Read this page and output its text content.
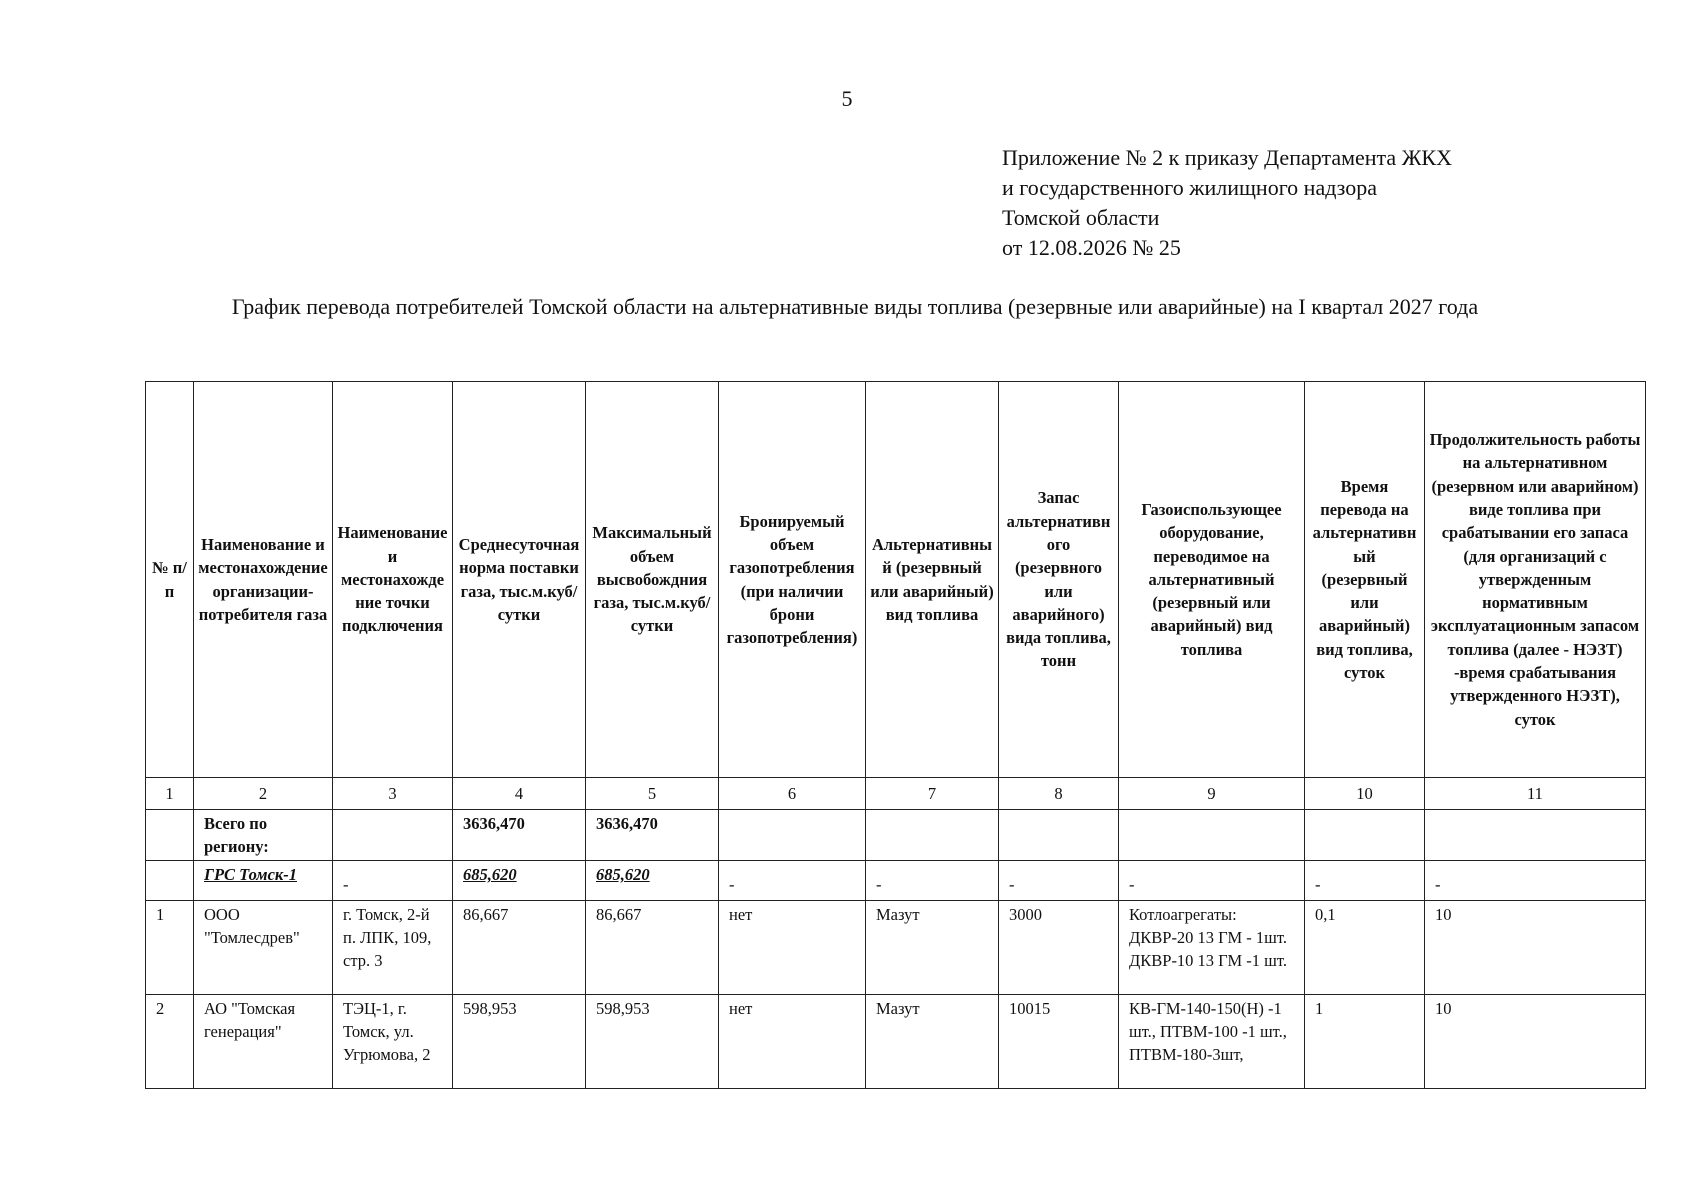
5
Приложение № 2 к приказу Департамента ЖКХ
и государственного жилищного надзора
Томской области
от 12.08.2026 № 25
График перевода потребителей Томской области на альтернативные виды топлива (резервные или аварийные) на I квартал 2027 года
№ п/п	Наименование и местонахождение организации-потребителя газа	Наименование и местонахождение точки подключения	Среднесуточная норма поставки газа, тыс.м.куб/сутки	Максимальный объем высвобождния газа, тыс.м.куб/сутки	Бронируемый объем газопотребления (при наличии брони газопотребления)	Альтернативный (резервный или аварийный) вид топлива	Запас альтернативного (резервного или аварийного) вида топлива, тонн	Газоиспользующее оборудование, переводимое на альтернативный (резервный или аварийный) вид топлива	Время перевода на альтернативный (резервный или аварийный) вид топлива, суток	Продолжительность работы на альтернативном (резервном или аварийном) виде топлива при срабатывании его запаса (для организаций с утвержденным нормативным эксплуатационным запасом топлива (далее - НЭЗТ) -время срабатывания утвержденного НЭЗТ), суток
1	2	3	4	5	6	7	8	9	10	11
	Всего по региону:		3636,470	3636,470						
	ГРС Томск-1	-	685,620	685,620	-	-	-	-	-	-
1	ООО "Томлесдрев"	г. Томск, 2-й п. ЛПК, 109, стр. 3	86,667	86,667	нет	Мазут	3000	Котлоагрегаты: ДКВР-20 13 ГМ - 1шт. ДКВР-10 13 ГМ -1 шт.	0,1	10
2	АО "Томская генерация"	ТЭЦ-1, г. Томск, ул. Угрюмова, 2	598,953	598,953	нет	Мазут	10015	КВ-ГМ-140-150(Н) -1 шт., ПТВМ-100 -1 шт., ПТВМ-180-3шт,	1	10
